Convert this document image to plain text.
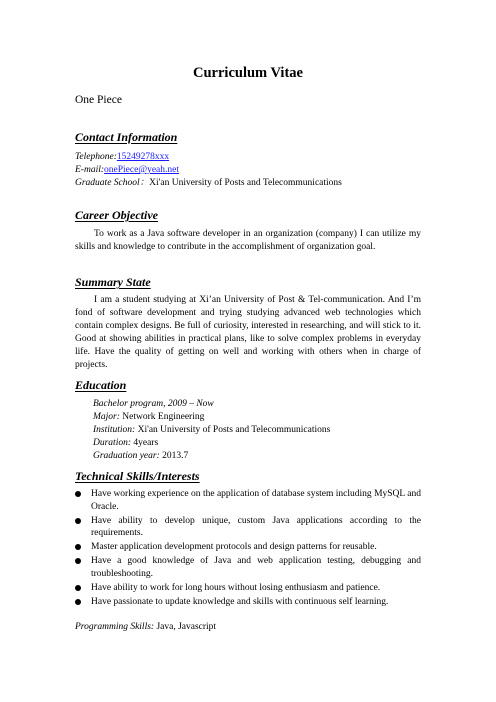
Curriculum Vitae
One Piece
Contact Information
Telephone:15249278xxx
E-mail:onePiece@yeah.net
Graduate School：Xi'an University of Posts and Telecommunications
Career Objective
To work as a Java software developer in an organization (company) I can utilize my skills and knowledge to contribute in the accomplishment of organization goal.
Summary State
I am a student studying at Xi’an University of Post & Tel-communication. And I’m fond of software development and trying studying advanced web technologies which contain complex designs. Be full of curiosity, interested in researching, and will stick to it. Good at showing abilities in practical plans, like to solve complex problems in everyday life. Have the quality of getting on well and working with others when in charge of projects.
Education
Bachelor program, 2009 – Now
Major: Network Engineering
Institution: Xi'an University of Posts and Telecommunications
Duration: 4years
Graduation year: 2013.7
Technical Skills/Interests
Have working experience on the application of database system including MySQL and Oracle.
Have ability to develop unique, custom Java applications according to the requirements.
Master application development protocols and design patterns for reusable.
Have a good knowledge of Java and web application testing, debugging and troubleshooting.
Have ability to work for long hours without losing enthusiasm and patience.
Have passionate to update knowledge and skills with continuous self learning.
Programming Skills: Java, Javascript
